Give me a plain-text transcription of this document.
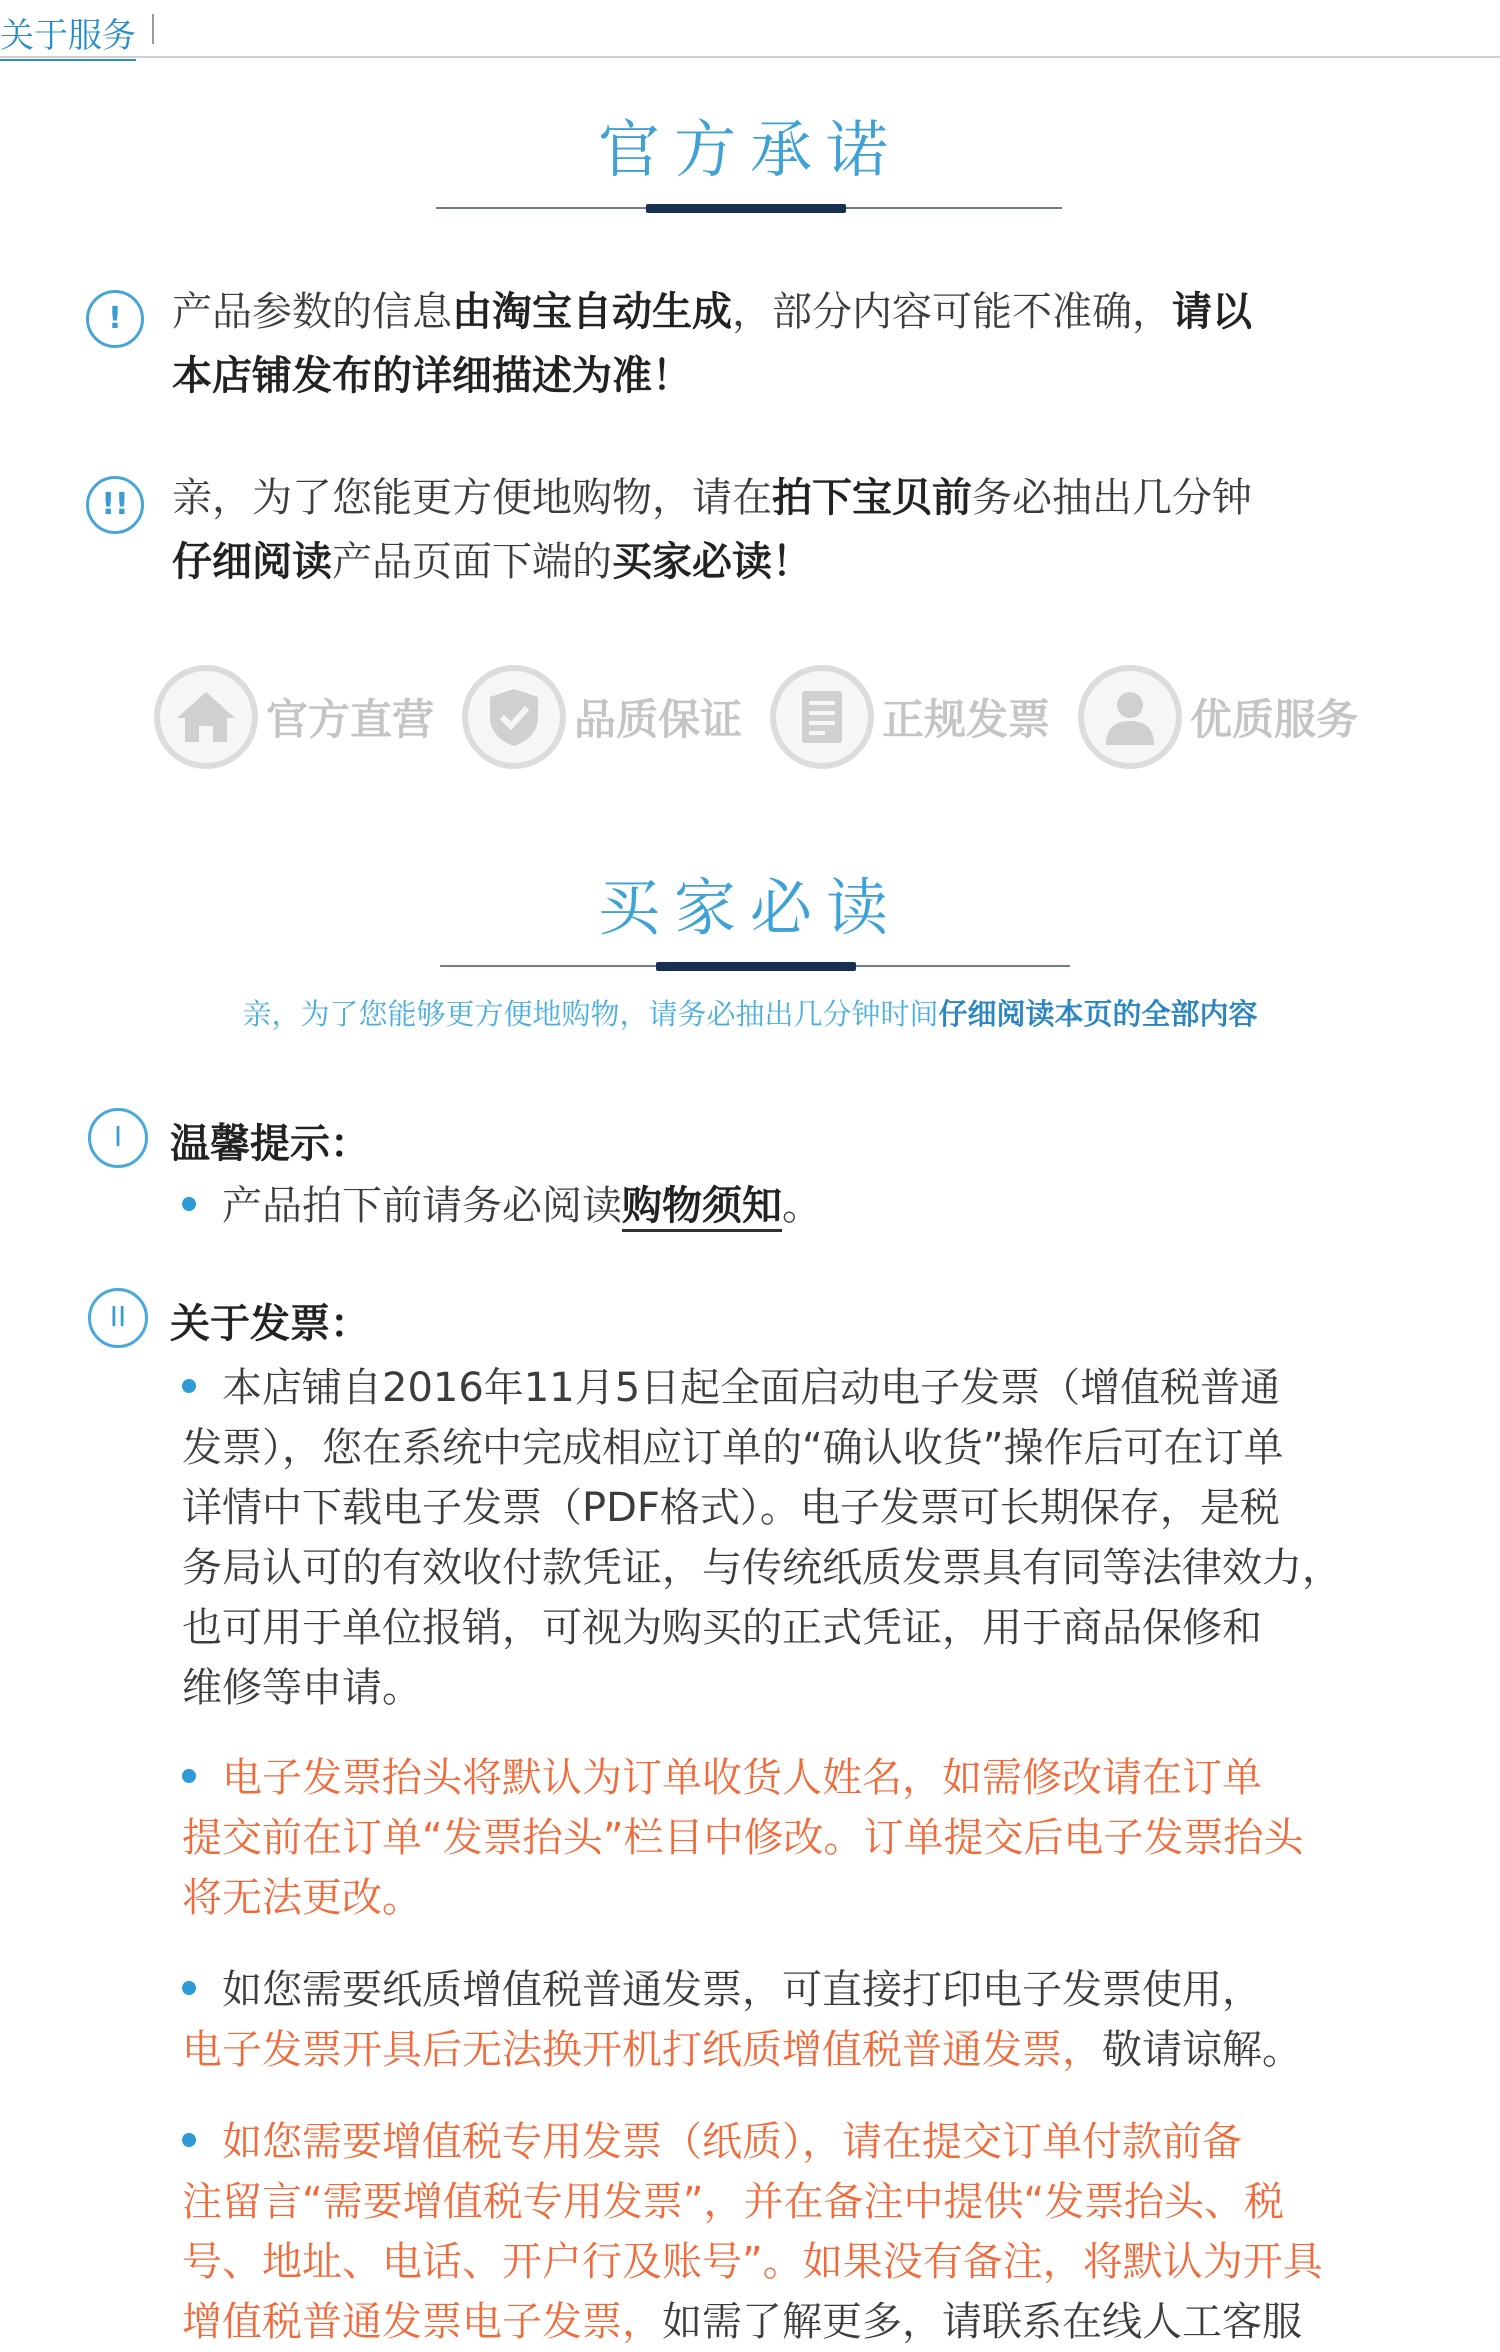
关于服务
官方承诺
!	产品参数的信息由淘宝自动生成，部分内容可能不准确，请以
本店铺发布的详细描述为准！
!!	亲，为了您能更方便地购物，请在拍下宝贝前务必抽出几分钟
仔细阅读产品页面下端的买家必读！
官方直营	品质保证	正规发票	优质服务
买家必读
亲，为了您能够更方便地购物，请务必抽出几分钟时间仔细阅读本页的全部内容
I	温馨提示：
产品拍下前请务必阅读购物须知。
II	关于发票：
本店铺自2016年11月5日起全面启动电子发票（增值税普通
发票），您在系统中完成相应订单的“确认收货”操作后可在订单
详情中下载电子发票（PDF格式）。电子发票可长期保存，是税
务局认可的有效收付款凭证，与传统纸质发票具有同等法律效力，
也可用于单位报销，可视为购买的正式凭证，用于商品保修和
维修等申请。
电子发票抬头将默认为订单收货人姓名，如需修改请在订单
提交前在订单“发票抬头”栏目中修改。订单提交后电子发票抬头
将无法更改。
如您需要纸质增值税普通发票，可直接打印电子发票使用，
电子发票开具后无法换开机打纸质增值税普通发票，敬请谅解。
如您需要增值税专用发票（纸质），请在提交订单付款前备
注留言“需要增值税专用发票”，并在备注中提供“发票抬头、税
号、地址、电话、开户行及账号”。如果没有备注，将默认为开具
增值税普通发票电子发票，如需了解更多，请联系在线人工客服
